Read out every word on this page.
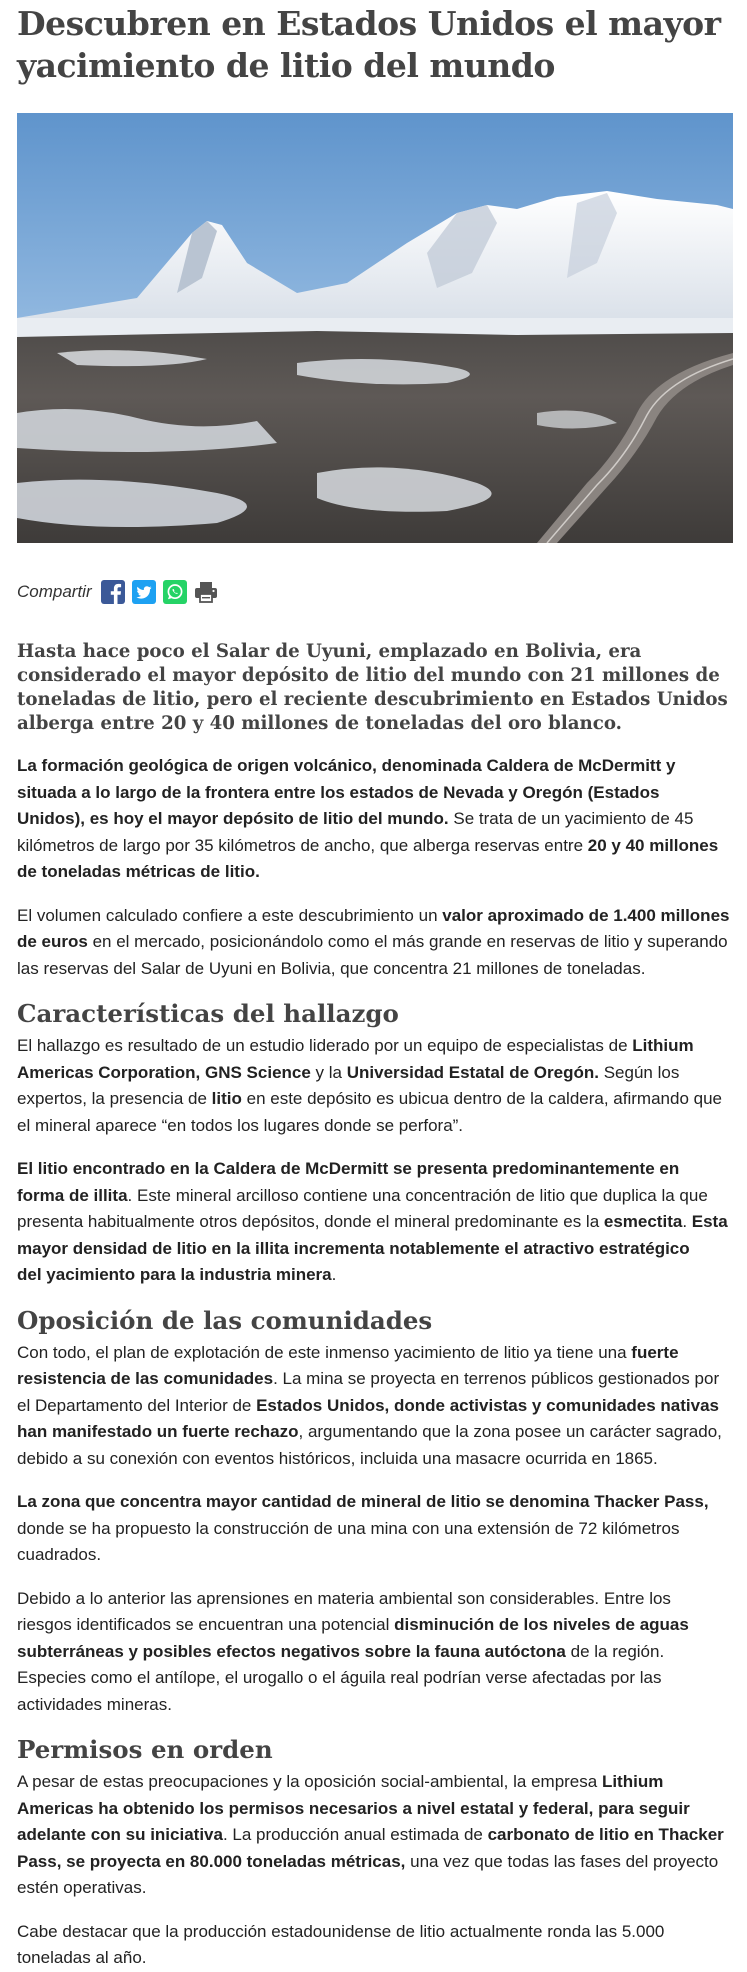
Descubren en Estados Unidos el mayor yacimiento de litio del mundo
Compartir

Hasta hace poco el Salar de Uyuni, emplazado en Bolivia, era considerado el mayor depósito de litio del mundo con 21 millones de toneladas de litio, pero el reciente descubrimiento en Estados Unidos alberga entre 20 y 40 millones de toneladas del oro blanco.

La formación geológica de origen volcánico, denominada Caldera de McDermitt y situada a lo largo de la frontera entre los estados de Nevada y Oregón (Estados Unidos), es hoy el mayor depósito de litio del mundo. Se trata de un yacimiento de 45 kilómetros de largo por 35 kilómetros de ancho, que alberga reservas entre 20 y 40 millones de toneladas métricas de litio.

El volumen calculado confiere a este descubrimiento un valor aproximado de 1.400 millones de euros en el mercado, posicionándolo como el más grande en reservas de litio y superando las reservas del Salar de Uyuni en Bolivia, que concentra 21 millones de toneladas.

Características del hallazgo

El hallazgo es resultado de un estudio liderado por un equipo de especialistas de Lithium Americas Corporation, GNS Science y la Universidad Estatal de Oregón. Según los expertos, la presencia de litio en este depósito es ubicua dentro de la caldera, afirmando que el mineral aparece “en todos los lugares donde se perfora”.

El litio encontrado en la Caldera de McDermitt se presenta predominantemente en forma de illita. Este mineral arcilloso contiene una concentración de litio que duplica la que presenta habitualmente otros depósitos, donde el mineral predominante es la esmectita. Esta mayor densidad de litio en la illita incrementa notablemente el atractivo estratégico
del yacimiento para la industria minera.

Oposición de las comunidades

Con todo, el plan de explotación de este inmenso yacimiento de litio ya tiene una fuerte resistencia de las comunidades. La mina se proyecta en terrenos públicos gestionados por el Departamento del Interior de Estados Unidos, donde activistas y comunidades nativas han manifestado un fuerte rechazo, argumentando que la zona posee un carácter sagrado, debido a su conexión con eventos históricos, incluida una masacre ocurrida en 1865.

La zona que concentra mayor cantidad de mineral de litio se denomina Thacker Pass, donde se ha propuesto la construcción de una mina con una extensión de 72 kilómetros cuadrados.

Debido a lo anterior las aprensiones en materia ambiental son considerables. Entre los riesgos identificados se encuentran una potencial disminución de los niveles de aguas subterráneas y posibles efectos negativos sobre la fauna autóctona de la región. Especies como el antílope, el urogallo o el águila real podrían verse afectadas por las actividades mineras.

Permisos en orden

A pesar de estas preocupaciones y la oposición social-ambiental, la empresa Lithium Americas ha obtenido los permisos necesarios a nivel estatal y federal, para seguir adelante con su iniciativa. La producción anual estimada de carbonato de litio en Thacker Pass, se proyecta en 80.000 toneladas métricas, una vez que todas las fases del proyecto estén operativas.

Cabe destacar que la producción estadounidense de litio actualmente ronda las 5.000 toneladas al año.
